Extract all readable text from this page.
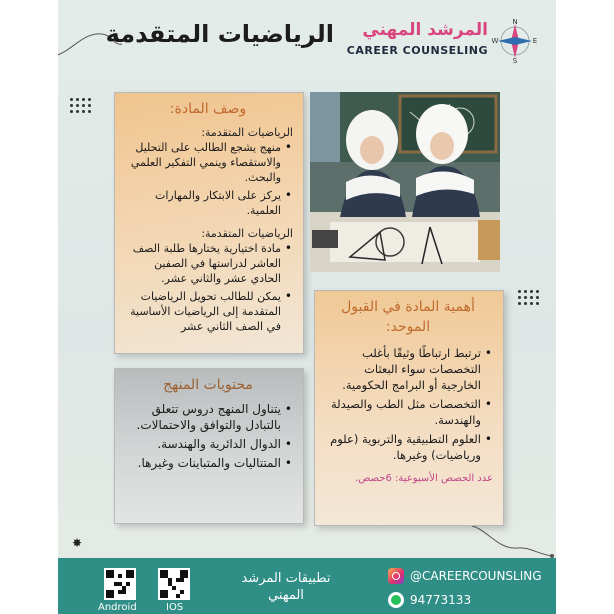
الرياضيات المتقدمة المرشد المهني
CAREER COUNSELING
N
E
S
W
وصف المادة:
الرياضيات المتقدمة:
• منهج يشجع الطالب على التحليل والاستقصاء وينمي التفكير العلمي والبحث.
• يركز على الابتكار والمهارات العلمية.
الرياضيات المتقدمة:
• مادة اختيارية يختارها طلبة الصف العاشر لدراستها في الصفين الحادي عشر والثاني عشر.
• يمكن للطالب تحويل الرياضيات المتقدمة إلى الرياضيات الأساسية في الصف الثاني عشر
أهمية المادة في القبول الموحد:
• ترتبط ارتباطًا وثيقًا بأغلب التخصصات سواء البعثات الخارجية أو البرامج الحكومية.
• التخصصات مثل الطب والصيدلة والهندسة.
• العلوم التطبيقية والتربوية (علوم ورياضيات) وغيرها.
عدد الحصص الأسبوعية: 6حصص.
محتويات المنهج
• يتناول المنهج دروس تتعلق بالتبادل والتوافق والاحتمالات.
• الدوال الدائرية والهندسة.
• المتتاليات والمتباينات وغيرها.
✸
Android	IOS
تطبيقات المرشد المهني
@CAREERCOUNSLING
94773133
